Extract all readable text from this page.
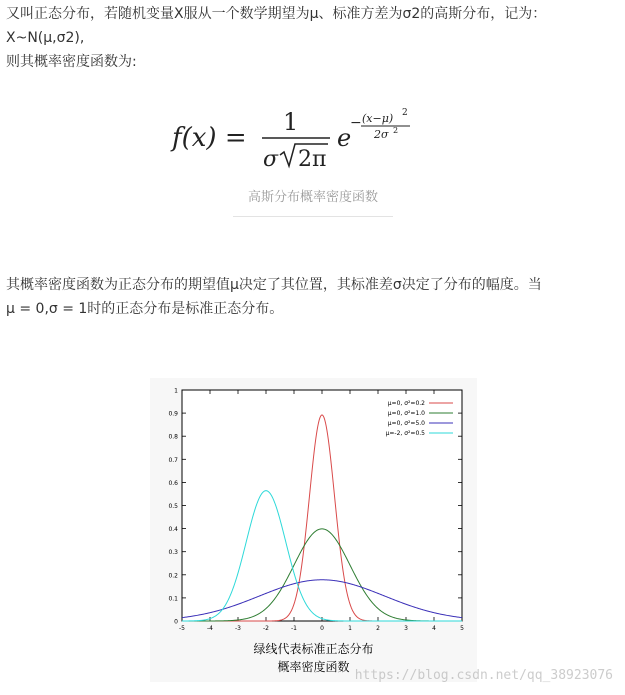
又叫正态分布，若随机变量X服从一个数学期望为μ、标准方差为σ2的高斯分布，记为：
X~N(μ,σ2),
则其概率密度函数为:
f(x) =
1
σ 2π
e
− (x−μ) 2
2σ 2
高斯分布概率密度函数
其概率密度函数为正态分布的期望值μ决定了其位置，其标准差σ决定了分布的幅度。当
μ = 0,σ = 1时的正态分布是标准正态分布。
0
0.1
0.2
0.3
0.4
0.5
0.6
0.7
0.8
0.9
1
-5	-4	-3	-2	-1	0	1	2	3	4	5
μ=0, σ²=0.2
μ=0, σ²=1.0
μ=0, σ²=5.0
μ=-2, σ²=0.5
绿线代表标准正态分布
概率密度函数
https://blog.csdn.net/qq_38923076
